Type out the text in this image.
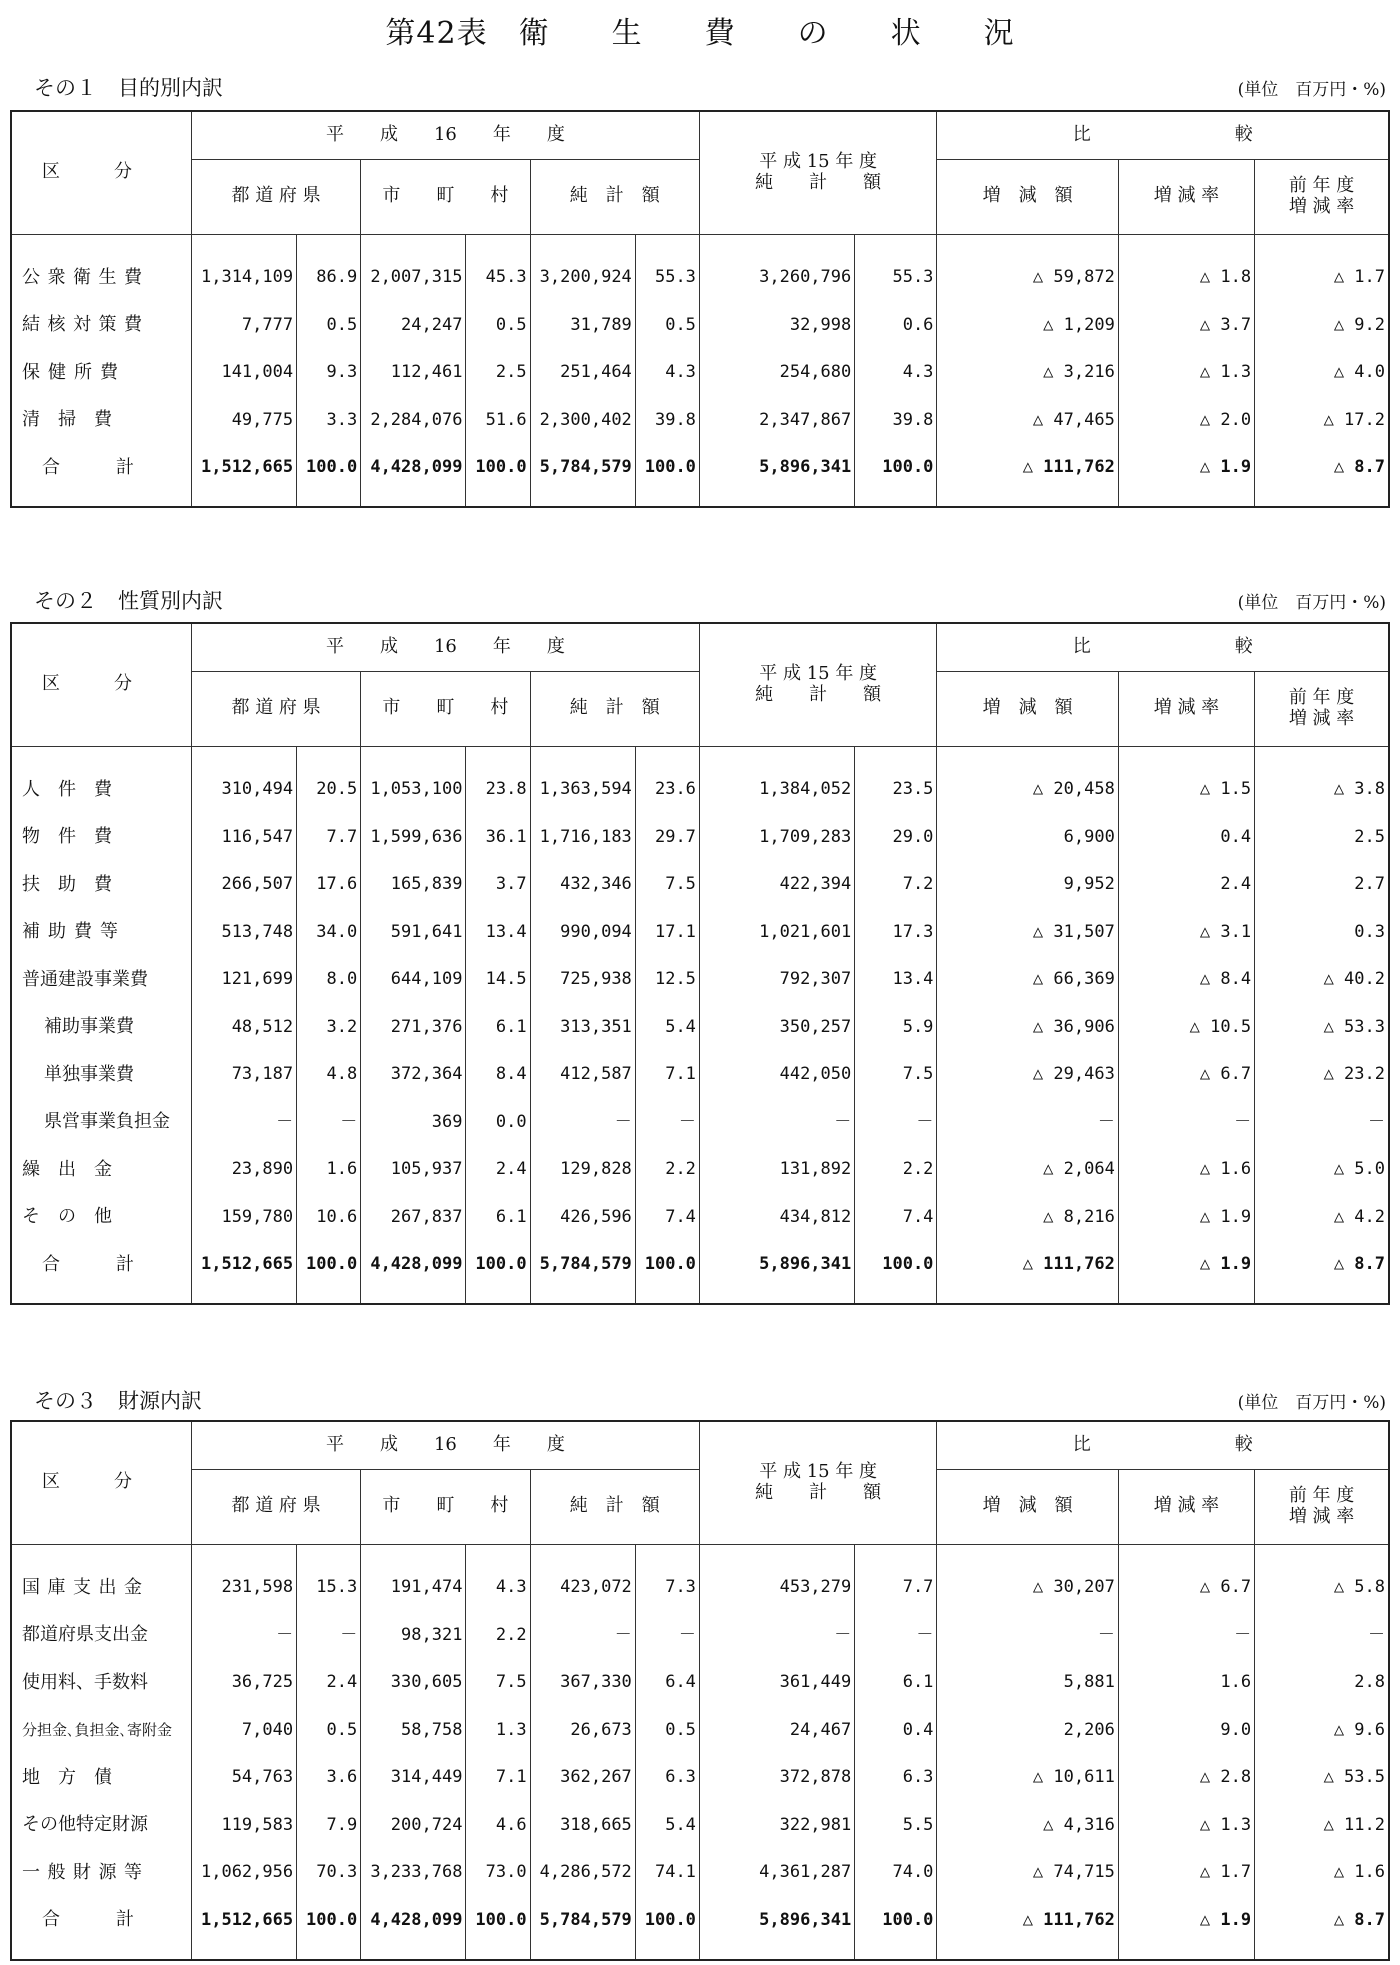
第42表　衛　　生　　費　　の　　状　　況
その１　目的別内訳	(単位　百万円・%)
区　　　分	平　　成　　16　　年　　度						平 成 15 年 度
純　　計　　額		比　　　　　　　　較		
	都 道 府 県		市　　町　　村		純　計　額				増　減　額	増 減 率	前 年 度
増 減 率

公衆衛生費	1,314,109	86.9	2,007,315	45.3	3,200,924	55.3	3,260,796	55.3	△ 59,872	△ 1.8	△ 1.7
結核対策費	7,777	0.5	24,247	0.5	31,789	0.5	32,998	0.6	△ 1,209	△ 3.7	△ 9.2
保健所費	141,004	9.3	112,461	2.5	251,464	4.3	254,680	4.3	△ 3,216	△ 1.3	△ 4.0
清掃費	49,775	3.3	2,284,076	51.6	2,300,402	39.8	2,347,867	39.8	△ 47,465	△ 2.0	△ 17.2
合計	1,512,665	100.0	4,428,099	100.0	5,784,579	100.0	5,896,341	100.0	△ 111,762	△ 1.9	△ 8.7

その２　性質別内訳	(単位　百万円・%)
区　　　分	平　　成　　16　　年　　度						平 成 15 年 度
純　　計　　額		比　　　　　　　　較		
	都 道 府 県		市　　町　　村		純　計　額				増　減　額	増 減 率	前 年 度
増 減 率

人件費	310,494	20.5	1,053,100	23.8	1,363,594	23.6	1,384,052	23.5	△ 20,458	△ 1.5	△ 3.8
物件費	116,547	7.7	1,599,636	36.1	1,716,183	29.7	1,709,283	29.0	6,900	0.4	2.5
扶助費	266,507	17.6	165,839	3.7	432,346	7.5	422,394	7.2	9,952	2.4	2.7
補助費等	513,748	34.0	591,641	13.4	990,094	17.1	1,021,601	17.3	△ 31,507	△ 3.1	0.3
普通建設事業費	121,699	8.0	644,109	14.5	725,938	12.5	792,307	13.4	△ 66,369	△ 8.4	△ 40.2
補助事業費	48,512	3.2	271,376	6.1	313,351	5.4	350,257	5.9	△ 36,906	△ 10.5	△ 53.3
単独事業費	73,187	4.8	372,364	8.4	412,587	7.1	442,050	7.5	△ 29,463	△ 6.7	△ 23.2
県営事業負担金	－	－	369	0.0	－	－	－	－	－	－	－
繰出金	23,890	1.6	105,937	2.4	129,828	2.2	131,892	2.2	△ 2,064	△ 1.6	△ 5.0
その他	159,780	10.6	267,837	6.1	426,596	7.4	434,812	7.4	△ 8,216	△ 1.9	△ 4.2
合計	1,512,665	100.0	4,428,099	100.0	5,784,579	100.0	5,896,341	100.0	△ 111,762	△ 1.9	△ 8.7

その３　財源内訳	(単位　百万円・%)
区　　　分	平　　成　　16　　年　　度						平 成 15 年 度
純　　計　　額		比　　　　　　　　較		
	都 道 府 県		市　　町　　村		純　計　額				増　減　額	増 減 率	前 年 度
増 減 率

国庫支出金	231,598	15.3	191,474	4.3	423,072	7.3	453,279	7.7	△ 30,207	△ 6.7	△ 5.8
都道府県支出金	－	－	98,321	2.2	－	－	－	－	－	－	－
使用料、手数料	36,725	2.4	330,605	7.5	367,330	6.4	361,449	6.1	5,881	1.6	2.8
分担金､負担金､寄附金	7,040	0.5	58,758	1.3	26,673	0.5	24,467	0.4	2,206	9.0	△ 9.6
地方債	54,763	3.6	314,449	7.1	362,267	6.3	372,878	6.3	△ 10,611	△ 2.8	△ 53.5
その他特定財源	119,583	7.9	200,724	4.6	318,665	5.4	322,981	5.5	△ 4,316	△ 1.3	△ 11.2
一般財源等	1,062,956	70.3	3,233,768	73.0	4,286,572	74.1	4,361,287	74.0	△ 74,715	△ 1.7	△ 1.6
合計	1,512,665	100.0	4,428,099	100.0	5,784,579	100.0	5,896,341	100.0	△ 111,762	△ 1.9	△ 8.7
